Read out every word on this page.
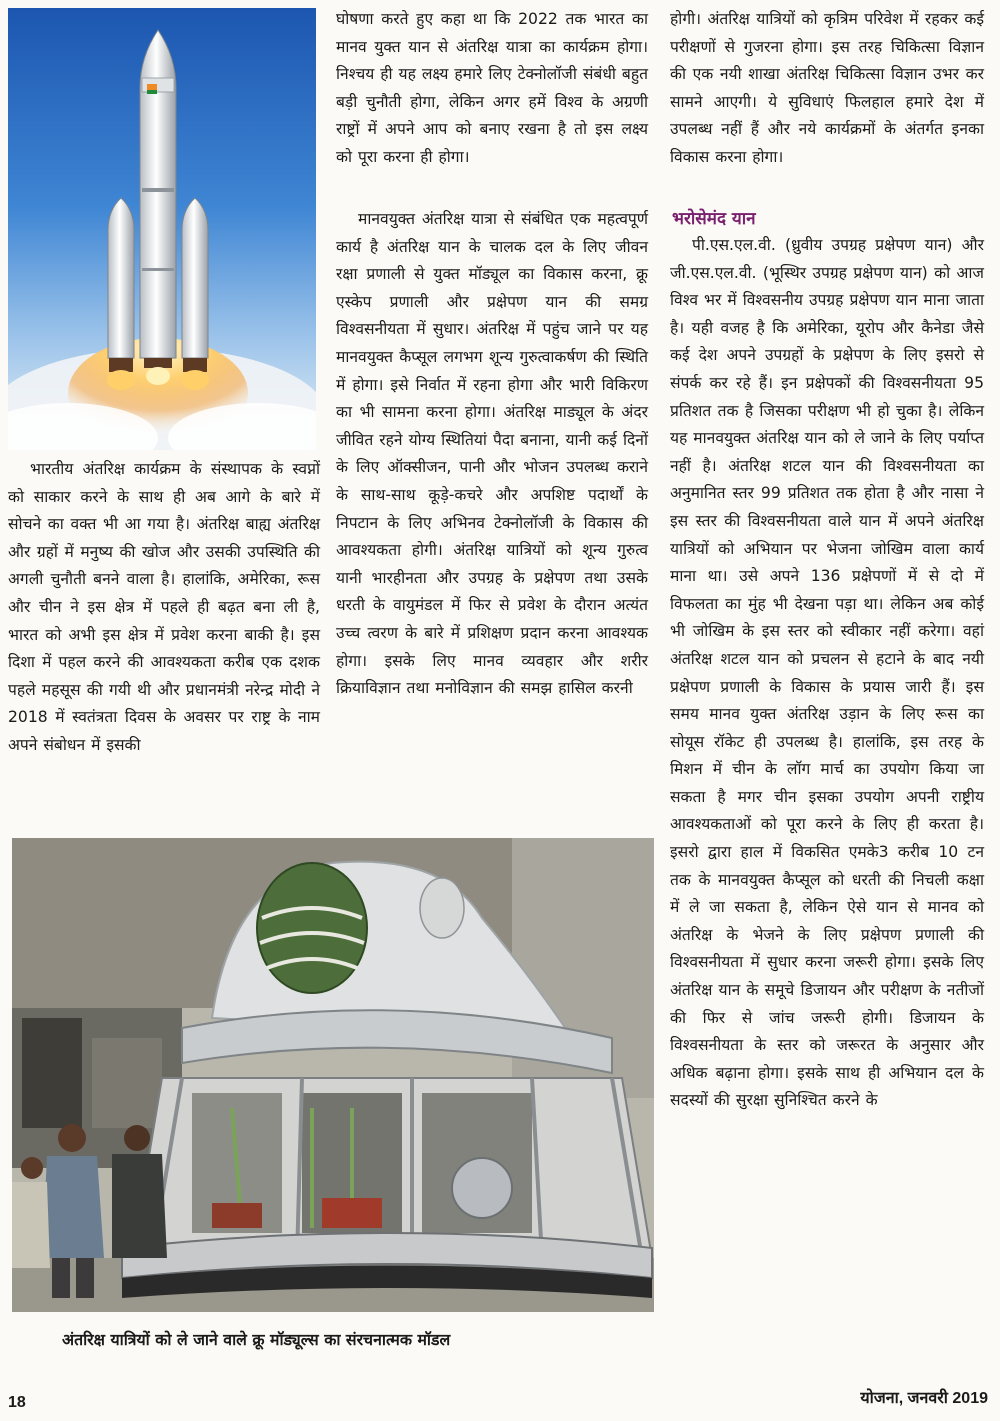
भारतीय अंतरिक्ष कार्यक्रम के संस्थापक के स्वप्नों को साकार करने के साथ ही अब आगे के बारे में सोचने का वक्त भी आ गया है। अंतरिक्ष बाह्य अंतरिक्ष और ग्रहों में मनुष्य की खोज और उसकी उपस्थिति की अगली चुनौती बनने वाला है। हालांकि, अमेरिका, रूस और चीन ने इस क्षेत्र में पहले ही बढ़त बना ली है, भारत को अभी इस क्षेत्र में प्रवेश करना बाकी है। इस दिशा में पहल करने की आवश्यकता करीब एक दशक पहले महसूस की गयी थी और प्रधानमंत्री नरेन्द्र मोदी ने 2018 में स्वतंत्रता दिवस के अवसर पर राष्ट्र के नाम अपने संबोधन में इसकी

घोषणा करते हुए कहा था कि 2022 तक भारत का मानव युक्त यान से अंतरिक्ष यात्रा का कार्यक्रम होगा। निश्चय ही यह लक्ष्य हमारे लिए टेक्नोलॉजी संबंधी बहुत बड़ी चुनौती होगा, लेकिन अगर हमें विश्व के अग्रणी राष्ट्रों में अपने आप को बनाए रखना है तो इस लक्ष्य को पूरा करना ही होगा।

मानवयुक्त अंतरिक्ष यात्रा से संबंधित एक महत्वपूर्ण कार्य है अंतरिक्ष यान के चालक दल के लिए जीवन रक्षा प्रणाली से युक्त मॉड्यूल का विकास करना, क्रू एस्केप प्रणाली और प्रक्षेपण यान की समग्र विश्वसनीयता में सुधार। अंतरिक्ष में पहुंच जाने पर यह मानवयुक्त कैप्सूल लगभग शून्य गुरुत्वाकर्षण की स्थिति में होगा। इसे निर्वात में रहना होगा और भारी विकिरण का भी सामना करना होगा। अंतरिक्ष माड्यूल के अंदर जीवित रहने योग्य स्थितियां पैदा बनाना, यानी कई दिनों के लिए ऑक्सीजन, पानी और भोजन उपलब्ध कराने के साथ-साथ कूड़े-कचरे और अपशिष्ट पदार्थों के निपटान के लिए अभिनव टेक्नोलॉजी के विकास की आवश्यकता होगी। अंतरिक्ष यात्रियों को शून्य गुरुत्व यानी भारहीनता और उपग्रह के प्रक्षेपण तथा उसके धरती के वायुमंडल में फिर से प्रवेश के दौरान अत्यंत उच्च त्वरण के बारे में प्रशिक्षण प्रदान करना आवश्यक होगा। इसके लिए मानव व्यवहार और शरीर क्रियाविज्ञान तथा मनोविज्ञान की समझ हासिल करनी

होगी। अंतरिक्ष यात्रियों को कृत्रिम परिवेश में रहकर कई परीक्षणों से गुजरना होगा। इस तरह चिकित्सा विज्ञान की एक नयी शाखा अंतरिक्ष चिकित्सा विज्ञान उभर कर सामने आएगी। ये सुविधाएं फिलहाल हमारे देश में उपलब्ध नहीं हैं और नये कार्यक्रमों के अंतर्गत इनका विकास करना होगा।

भरोसेमंद यान

पी.एस.एल.वी. (ध्रुवीय उपग्रह प्रक्षेपण यान) और जी.एस.एल.वी. (भूस्थिर उपग्रह प्रक्षेपण यान) को आज विश्व भर में विश्वसनीय उपग्रह प्रक्षेपण यान माना जाता है। यही वजह है कि अमेरिका, यूरोप और कैनेडा जैसे कई देश अपने उपग्रहों के प्रक्षेपण के लिए इसरो से संपर्क कर रहे हैं। इन प्रक्षेपकों की विश्वसनीयता 95 प्रतिशत तक है जिसका परीक्षण भी हो चुका है। लेकिन यह मानवयुक्त अंतरिक्ष यान को ले जाने के लिए पर्याप्त नहीं है। अंतरिक्ष शटल यान की विश्वसनीयता का अनुमानित स्तर 99 प्रतिशत तक होता है और नासा ने इस स्तर की विश्वसनीयता वाले यान में अपने अंतरिक्ष यात्रियों को अभियान पर भेजना जोखिम वाला कार्य माना था। उसे अपने 136 प्रक्षेपणों में से दो में विफलता का मुंह भी देखना पड़ा था। लेकिन अब कोई भी जोखिम के इस स्तर को स्वीकार नहीं करेगा। वहां अंतरिक्ष शटल यान को प्रचलन से हटाने के बाद नयी प्रक्षेपण प्रणाली के विकास के प्रयास जारी हैं। इस समय मानव युक्त अंतरिक्ष उड़ान के लिए रूस का सोयूस रॉकेट ही उपलब्ध है। हालांकि, इस तरह के मिशन में चीन के लॉग मार्च का उपयोग किया जा सकता है मगर चीन इसका उपयोग अपनी राष्ट्रीय आवश्यकताओं को पूरा करने के लिए ही करता है। इसरो द्वारा हाल में विकसित एमके3 करीब 10 टन तक के मानवयुक्त कैप्सूल को धरती की निचली कक्षा में ले जा सकता है, लेकिन ऐसे यान से मानव को अंतरिक्ष के भेजने के लिए प्रक्षेपण प्रणाली की विश्वसनीयता में सुधार करना जरूरी होगा। इसके लिए अंतरिक्ष यान के समूचे डिजायन और परीक्षण के नतीजों की फिर से जांच जरूरी होगी। डिजायन के विश्वसनीयता के स्तर को जरूरत के अनुसार और अधिक बढ़ाना होगा। इसके साथ ही अभियान दल के सदस्यों की सुरक्षा सुनिश्चित करने के

अंतरिक्ष यात्रियों को ले जाने वाले क्रू मॉड्यूल्स का संरचनात्मक मॉडल

18	योजना, जनवरी 2019
